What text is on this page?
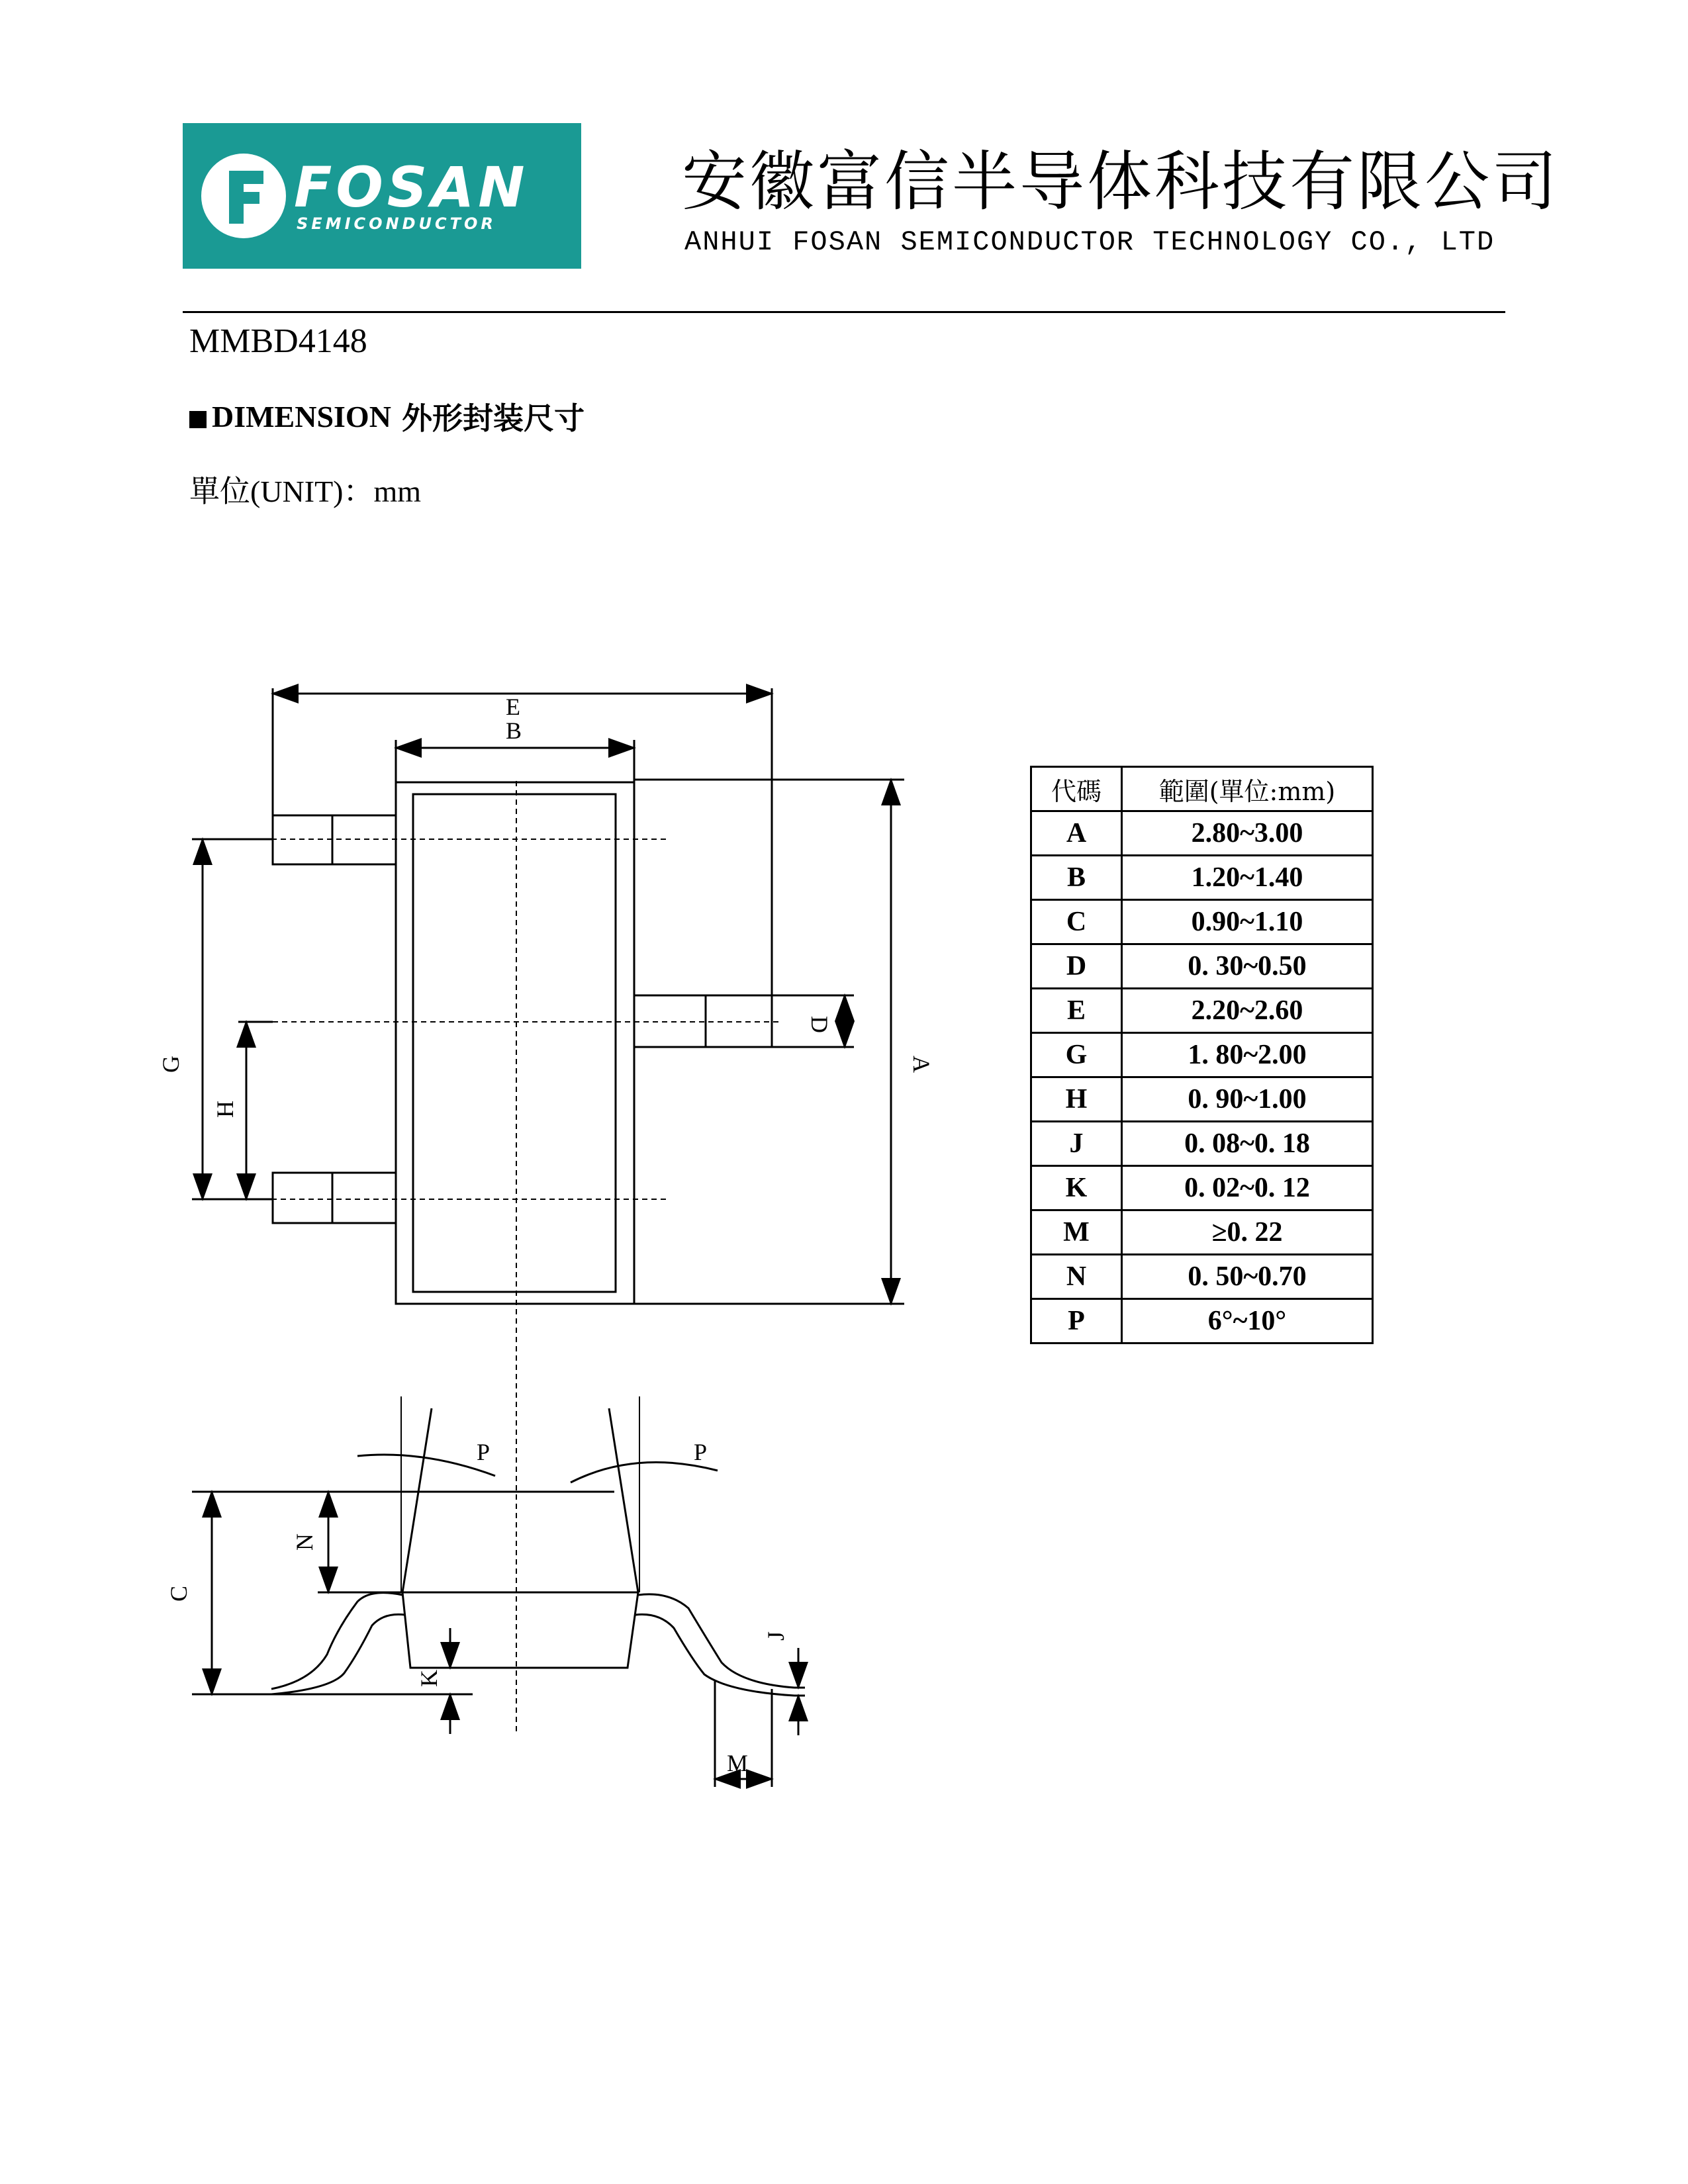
FOSAN
SEMICONDUCTOR
安徽富信半导体科技有限公司
ANHUI FOSAN SEMICONDUCTOR TECHNOLOGY CO., LTD
MMBD4148
DIMENSION 外形封装尺寸
單位(UNIT)：mm
E
B
D
A
G
H
P	P
N
C
K
J
M
代碼	範圍(單位:mm)
A	2.80~3.00
B	1.20~1.40
C	0.90~1.10
D	0. 30~0.50
E	2.20~2.60
G	1. 80~2.00
H	0. 90~1.00
J	0. 08~0. 18
K	0. 02~0. 12
M	≥0. 22
N	0. 50~0.70
P	6°~10°
